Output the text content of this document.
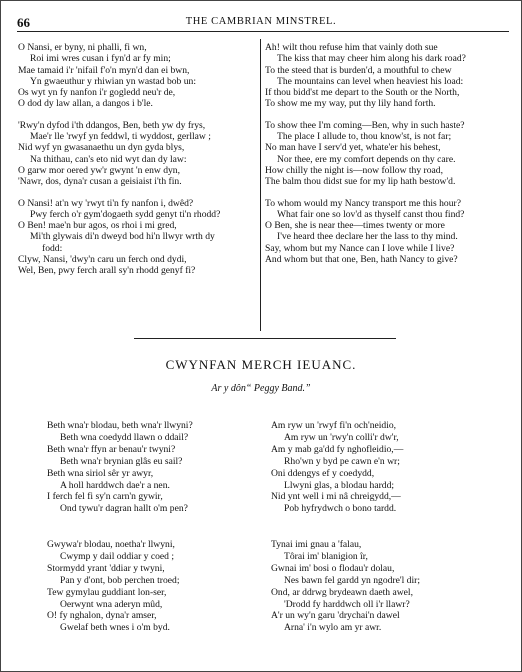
66	THE CAMBRIAN MINSTREL.
O Nansi, er byny, ni phalli, fi wn,
Roi imi wres cusan i fyn'd ar fy min;
Mae tamaid i'r 'nifail f'o'n myn'd dan ei bwn,
Yn gwaeuthur y rhiwian yn wastad bob un:
Os wyt yn fy nanfon i'r gogledd neu'r de,
O dod dy law allan, a dangos i b'le.
'Rwy'n dyfod i'th ddangos, Ben, beth yw dy frys,
Mae'r lle 'rwyf yn feddwl, ti wyddost, gerllaw ;
Nid wyf yn gwasanaethu un dyn gyda blys,
Na thithau, can's eto nid wyt dan dy law:
O garw mor oered yw'r gwynt 'n enw dyn,
'Nawr, dos, dyna'r cusan a geisiaist i'th fin.
O Nansi! at'n wy 'rwyt ti'n fy nanfon i, dwêd?
Pwy ferch o'r gym'dogaeth sydd genyt ti'n rhodd?
O Ben! mae'n bur agos, os rhoi i mi gred,
Mi'th glywais di'n dweyd bod hi'n llwyr wrth dy
fodd:
Clyw, Nansi, 'dwy'n caru un ferch ond dydi,
Wel, Ben, pwy ferch arall sy'n rhodd genyf fi?
Ah! wilt thou refuse him that vainly doth sue
The kiss that may cheer him along his dark road?
To the steed that is burden'd, a mouthful to chew
The mountains can level when heaviest his load:
If thou bidd'st me depart to the South or the North,
To show me my way, put thy lily hand forth.
To show thee I'm coming—Ben, why in such haste?
The place I allude to, thou know'st, is not far;
No man have I serv'd yet, whate'er his behest,
Nor thee, ere my comfort depends on thy care.
How chilly the night is—now follow thy road,
The balm thou didst sue for my lip hath bestow'd.
To whom would my Nancy transport me this hour?
What fair one so lov'd as thyself canst thou find?
O Ben, she is near thee—times twenty or more
I've heard thee declare her the lass to thy mind.
Say, whom but my Nance can I love while I live?
And whom but that one, Ben, hath Nancy to give?
CWYNFAN MERCH IEUANC.
Ar y dôn“ Peggy Band.”
Beth wna'r blodau, beth wna'r llwyni?
Beth wna coedydd llawn o ddail?
Beth wna'r ffyn ar benau'r twyni?
Beth wna'r brynian glâs eu sail?
Beth wna siriol sêr yr awyr,
A holl harddwch dae'r a nen.
I ferch fel fi sy'n carn'n gywir,
Ond tywu'r dagran hallt o'm pen?
Am ryw un 'rwyf fi'n och'neidio,
Am ryw un 'rwy'n colli'r dw'r,
Am y mab ga'dd fy nghofleidio,—
Rho'wn y byd pe cawn e'n wr;
Oni ddengys ef y coedydd,
Llwyni glas, a blodau hardd;
Nid ynt well i mi nâ chreigydd,—
Pob hyfrydwch o bono tardd.
Gwywa'r blodau, noetha'r llwyni,
Cwymp y dail oddiar y coed ;
Stormydd yrant 'ddiar y twyni,
Pan y d'ont, bob perchen troed;
Tew gymylau guddiant lon-ser,
Oerwynt wna aderyn mûd,
O! fy nghalon, dyna'r amser,
Gwelaf beth wnes i o'm byd.
Tynai imi gnau a 'falau,
Tôrai im' blanigion îr,
Gwnai im' bosi o flodau'r dolau,
Nes bawn fel gardd yn ngodre'l dir;
Ond, ar ddrwg brydeawn daeth awel,
'Drodd fy harddwch oll i'r llawr?
A'r un wy'n garu 'drychai'n dawel
Arna' i'n wylo am yr awr.
